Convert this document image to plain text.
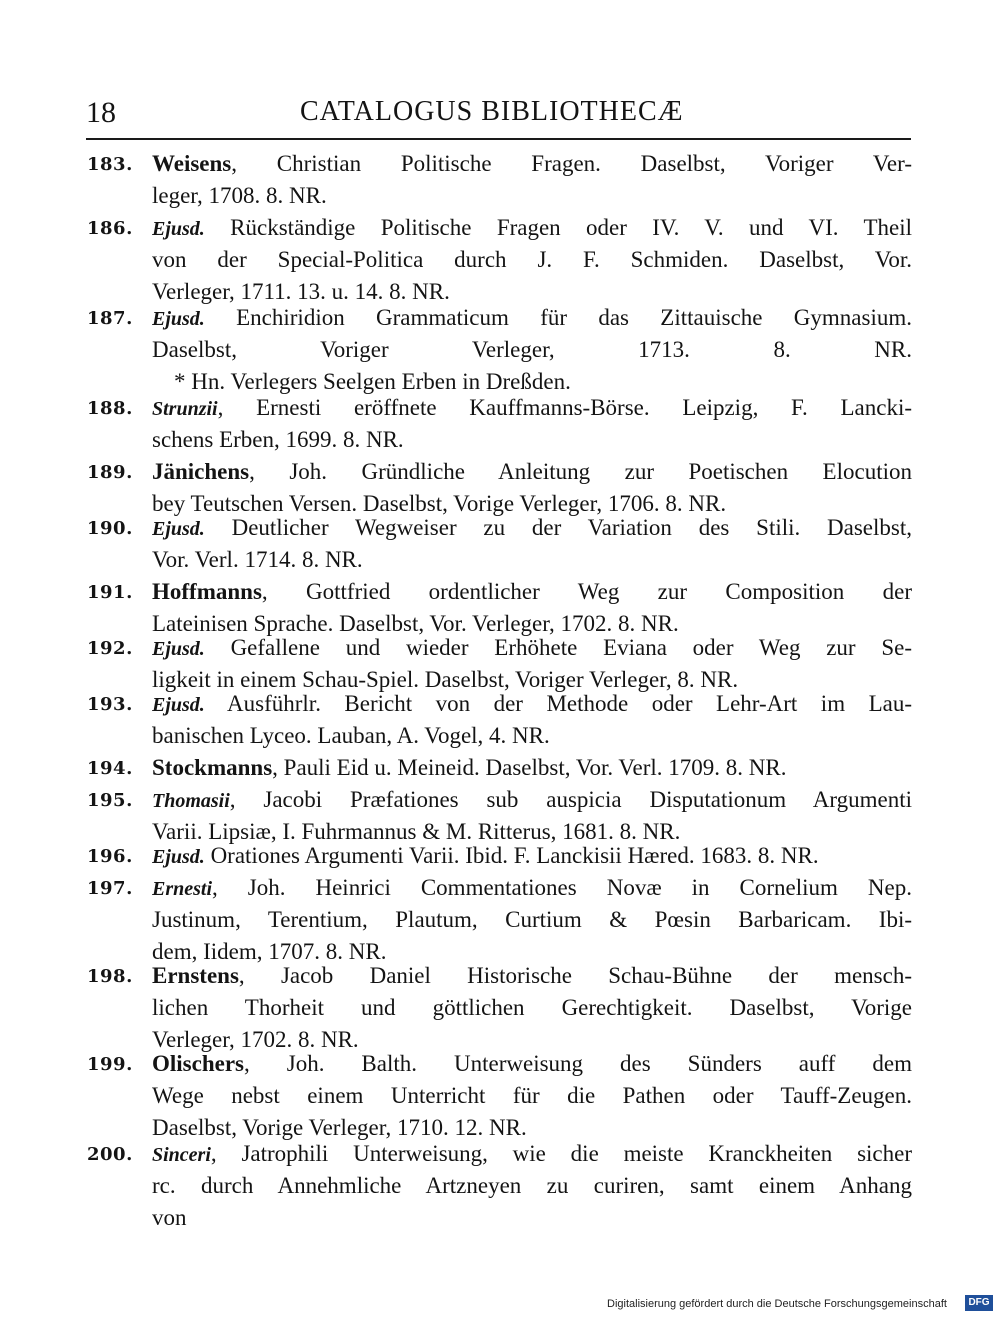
18	CATALOGUS BIBLIOTHECÆ
183. Weisens, Christian Politische Fragen. Daselbst, Voriger Ver-
leger, 1708. 8. NR.
186. Ejusd. Rückständige Politische Fragen oder IV. V. und VI. Theil
von der Special-Politica durch J. F. Schmiden. Daselbst, Vor.
Verleger, 1711. 13. u. 14. 8. NR.
187. Ejusd. Enchiridion Grammaticum für das Zittauische Gymnasium.
Daselbst, Voriger Verleger, 1713. 8. NR.
* Hn. Verlegers Seelgen Erben in Dreßden.
188. Strunzii, Ernesti eröffnete Kauffmanns-Börse. Leipzig, F. Lancki-
schens Erben, 1699. 8. NR.
189. Jänichens, Joh. Gründliche Anleitung zur Poetischen Elocution
bey Teutschen Versen. Daselbst, Vorige Verleger, 1706. 8. NR.
190. Ejusd. Deutlicher Wegweiser zu der Variation des Stili. Daselbst,
Vor. Verl. 1714. 8. NR.
191. Hoffmanns, Gottfried ordentlicher Weg zur Composition der
Lateinisen Sprache. Daselbst, Vor. Verleger, 1702. 8. NR.
192. Ejusd. Gefallene und wieder Erhöhete Eviana oder Weg zur Se-
ligkeit in einem Schau-Spiel. Daselbst, Voriger Verleger, 8. NR.
193. Ejusd. Ausführlr. Bericht von der Methode oder Lehr-Art im Lau-
banischen Lyceo. Lauban, A. Vogel, 4. NR.
194. Stockmanns, Pauli Eid u. Meineid. Daselbst, Vor. Verl. 1709. 8. NR.
195. Thomasii, Jacobi Præfationes sub auspicia Disputationum Argumenti
Varii. Lipsiæ, I. Fuhrmannus & M. Ritterus, 1681. 8. NR.
196. Ejusd. Orationes Argumenti Varii. Ibid. F. Lanckisii Hæred. 1683. 8. NR.
197. Ernesti, Joh. Heinrici Commentationes Novæ in Cornelium Nep.
Justinum, Terentium, Plautum, Curtium & Pœsin Barbaricam. Ibi-
dem, Iidem, 1707. 8. NR.
198. Ernstens, Jacob Daniel Historische Schau-Bühne der mensch-
lichen Thorheit und göttlichen Gerechtigkeit. Daselbst, Vorige
Verleger, 1702. 8. NR.
199. Olischers, Joh. Balth. Unterweisung des Sünders auff dem
Wege nebst einem Unterricht für die Pathen oder Tauff-Zeugen.
Daselbst, Vorige Verleger, 1710. 12. NR.
200. Sinceri, Jatrophili Unterweisung, wie die meiste Kranckheiten sicher
rc. durch Annehmliche Artzneyen zu curiren, samt einem Anhang
von
Digitalisierung gefördert durch die Deutsche Forschungsgemeinschaft	DFG
